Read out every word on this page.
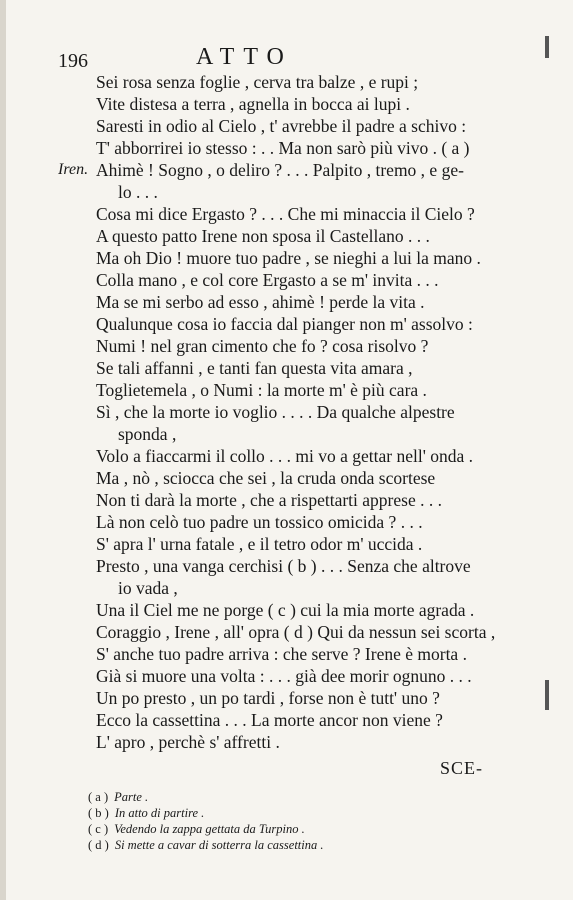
196	ATTO
Sei rosa senza foglie , cerva tra balze , e rupi ;
Vite distesa a terra , agnella in bocca ai lupi .
Saresti in odio al Cielo , t' avrebbe il padre a schivo :
T' abborrirei io stesso : . . Ma non sarò più vivo . ( a )
Iren. Ahimè ! Sogno , o deliro ? . . . Palpito , tremo , e ge-
lo . . .
Cosa mi dice Ergasto ? . . . Che mi minaccia il Cielo ?
A questo patto Irene non sposa il Castellano . . .
Ma oh Dio ! muore tuo padre , se nieghi a lui la mano .
Colla mano , e col core Ergasto a se m' invita . . .
Ma se mi serbo ad esso , ahimè ! perde la vita .
Qualunque cosa io faccia dal pianger non m' assolvo :
Numi ! nel gran cimento che fo ? cosa risolvo ?
Se tali affanni , e tanti fan questa vita amara ,
Toglietemela , o Numi : la morte m' è più cara .
Sì , che la morte io voglio . . . . Da qualche alpestre
sponda ,
Volo a fiaccarmi il collo . . . mi vo a gettar nell' onda .
Ma , nò , sciocca che sei , la cruda onda scortese
Non ti darà la morte , che a rispettarti apprese . . .
Là non celò tuo padre un tossico omicida ? . . .
S' apra l' urna fatale , e il tetro odor m' uccida .
Presto , una vanga cerchisi ( b ) . . . Senza che altrove
io vada ,
Una il Ciel me ne porge ( c ) cui la mia morte agrada .
Coraggio , Irene , all' opra ( d ) Qui da nessun sei scorta ,
S' anche tuo padre arriva : che serve ? Irene è morta .
Già si muore una volta : . . . già dee morir ognuno . . .
Un po presto , un po tardi , forse non è tutt' uno ?
Ecco la cassettina . . . La morte ancor non viene ?
L' apro , perchè s' affretti .
SCE-
( a ) Parte .
( b ) In atto di partire .
( c ) Vedendo la zappa gettata da Turpino .
( d ) Si mette a cavar di sotterra la cassettina .
